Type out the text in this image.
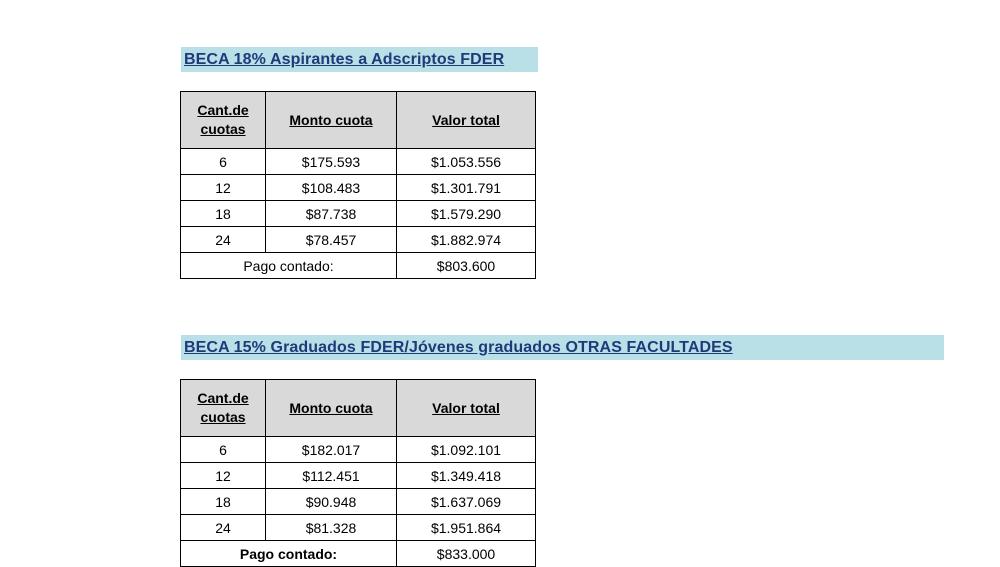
BECA 18% Aspirantes a Adscriptos FDER
Cant.de cuotas	Monto cuota	Valor total
6	$175.593	$1.053.556
12	$108.483	$1.301.791
18	$87.738	$1.579.290
24	$78.457	$1.882.974
Pago contado:		$803.600
BECA 15% Graduados FDER/Jóvenes graduados OTRAS FACULTADES
Cant.de cuotas	Monto cuota	Valor total
6	$182.017	$1.092.101
12	$112.451	$1.349.418
18	$90.948	$1.637.069
24	$81.328	$1.951.864
Pago contado:		$833.000
